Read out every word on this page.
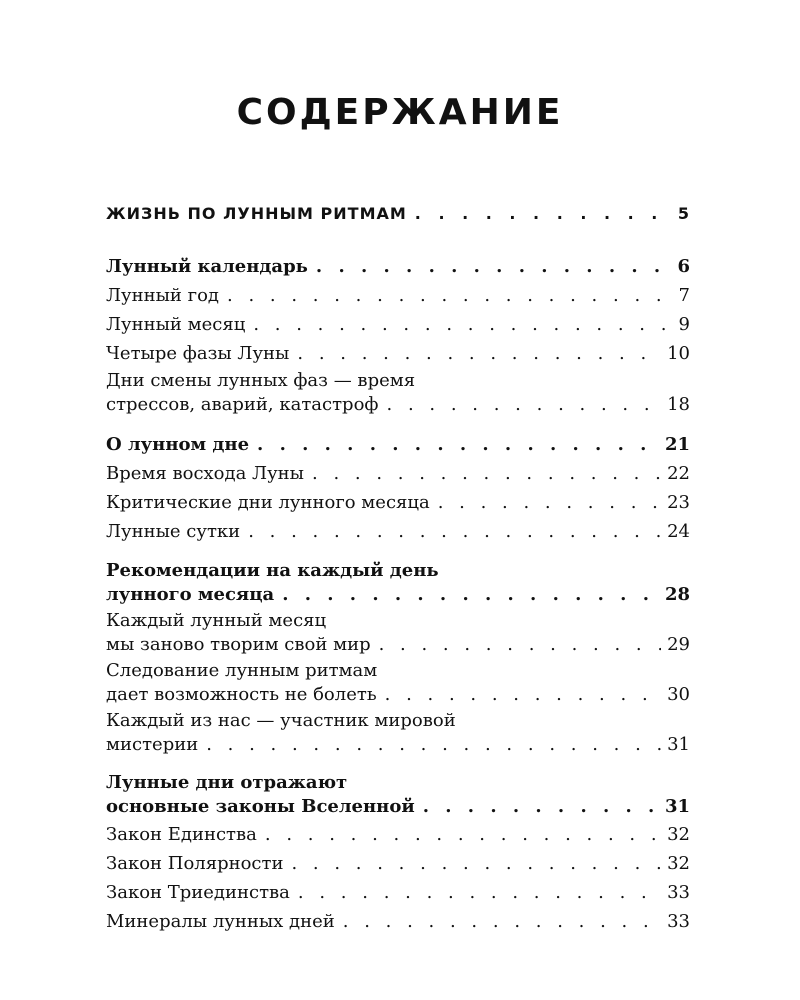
СОДЕРЖАНИЕ
ЖИЗНЬ ПО ЛУННЫМ РИТМАМ . . .	5
Лунный календарь . . .	6
Лунный год . . .	7
Лунный месяц . . .	9
Четыре фазы Луны . . .	10
Дни смены лунных фаз — время
стрессов, аварий, катастроф . . .	18
О лунном дне . . .	21
Время восхода Луны . . .	22
Критические дни лунного месяца . . .	23
Лунные сутки . . .	24
Рекомендации на каждый день
лунного месяца . . .	28
Каждый лунный месяц
мы заново творим свой мир . . .	29
Следование лунным ритмам
дает возможность не болеть . . .	30
Каждый из нас — участник мировой
мистерии . . .	31
Лунные дни отражают
основные законы Вселенной . . .	31
Закон Единства . . .	32
Закон Полярности . . .	32
Закон Триединства . . .	33
Минералы лунных дней . . .	33
